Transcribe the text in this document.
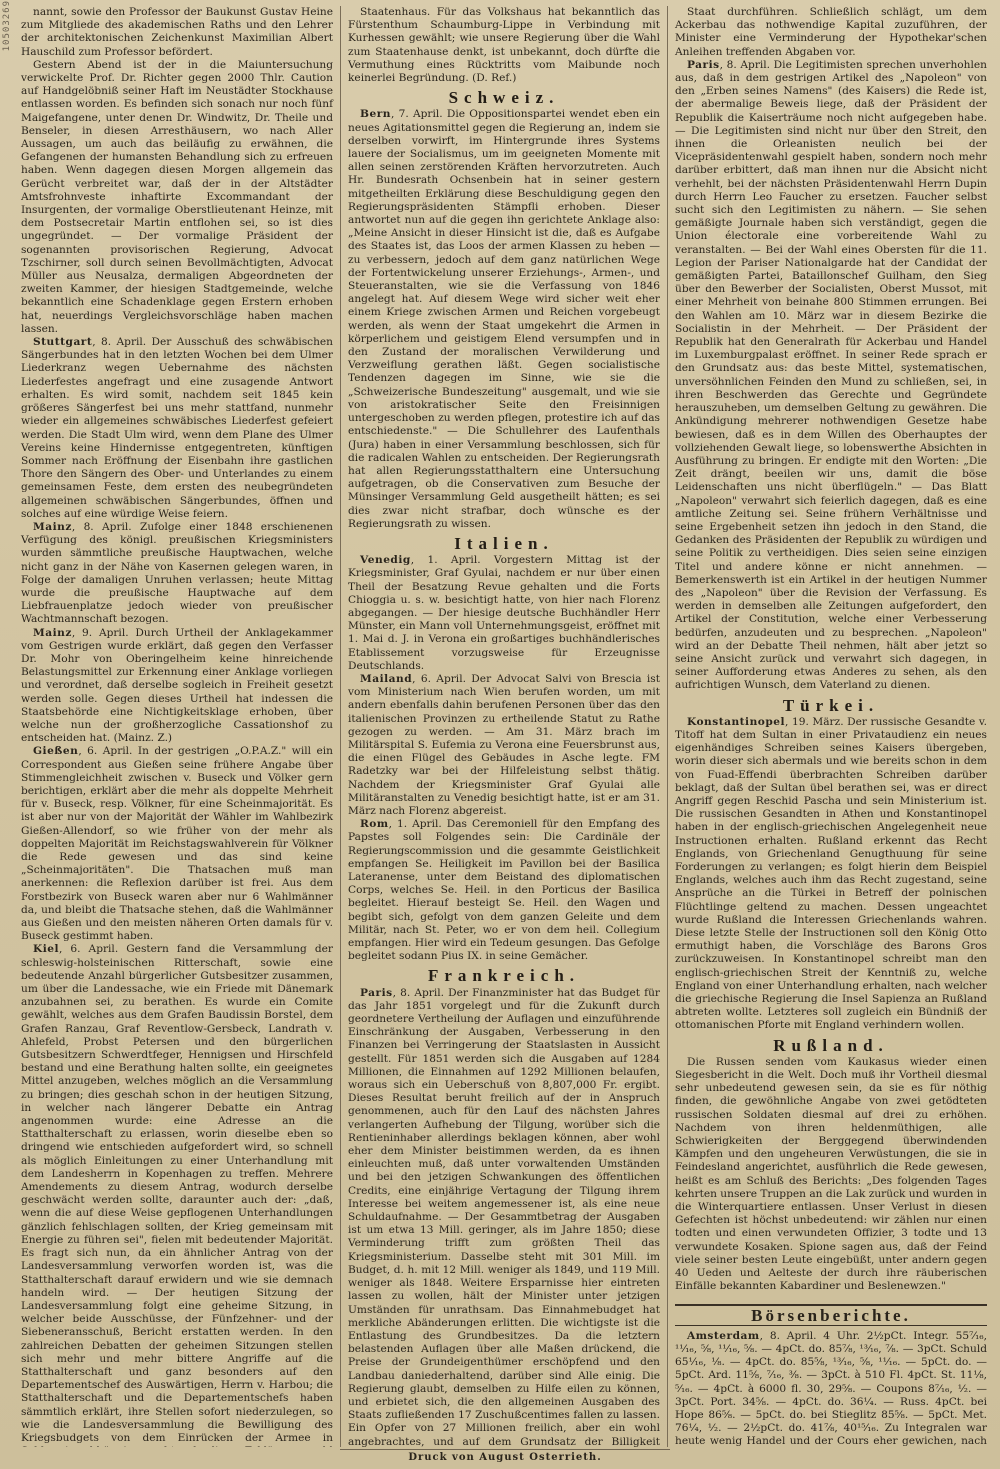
10503269	nannt, sowie den Professor der Baukunst Gustav Heine zum Mitgliede des akademischen Raths und den Lehrer der architektonischen Zeichenkunst Maximilian Albert Hauschild zum Professor befördert.

Gestern Abend ist der in die Maiuntersuchung verwickelte Prof. Dr. Richter gegen 2000 Thlr. Caution auf Handgelöbniß seiner Haft im Neustädter Stockhause entlassen worden. Es befinden sich sonach nur noch fünf Maigefangene, unter denen Dr. Windwitz, Dr. Theile und Benseler, in diesen Arresthäusern, wo nach Aller Aussagen, um auch das beiläufig zu erwähnen, die Gefangenen der humansten Behandlung sich zu erfreuen haben. Wenn dagegen diesen Morgen allgemein das Gerücht verbreitet war, daß der in der Altstädter Amtsfrohnveste inhaftirte Excommandant der Insurgenten, der vormalige Oberstlieutenant Heinze, mit dem Postsecretair Martin entflohen sei, so ist dies ungegründet. — Der vormalige Präsident der sogenannten provisorischen Regierung, Advocat Tzschirner, soll durch seinen Bevollmächtigten, Advocat Müller aus Neusalza, dermaligen Abgeordneten der zweiten Kammer, der hiesigen Stadtgemeinde, welche bekanntlich eine Schadenklage gegen Erstern erhoben hat, neuerdings Vergleichsvorschläge haben machen lassen.

Stuttgart, 8. April. Der Ausschuß des schwäbischen Sängerbundes hat in den letzten Wochen bei dem Ulmer Liederkranz wegen Uebernahme des nächsten Liederfestes angefragt und eine zusagende Antwort erhalten. Es wird somit, nachdem seit 1845 kein größeres Sängerfest bei uns mehr stattfand, nunmehr wieder ein allgemeines schwäbisches Liederfest gefeiert werden. Die Stadt Ulm wird, wenn dem Plane des Ulmer Vereins keine Hindernisse entgegentreten, künftigen Sommer nach Eröffnung der Eisenbahn ihre gastlichen Thore den Sängern des Ober- und Unterlandes zu einem gemeinsamen Feste, dem ersten des neubegründeten allgemeinen schwäbischen Sängerbundes, öffnen und solches auf eine würdige Weise feiern.

Mainz, 8. April. Zufolge einer 1848 erschienenen Verfügung des königl. preußischen Kriegsministers wurden sämmtliche preußische Hauptwachen, welche nicht ganz in der Nähe von Kasernen gelegen waren, in Folge der damaligen Unruhen verlassen; heute Mittag wurde die preußische Hauptwache auf dem Liebfrauenplatze jedoch wieder von preußischer Wachtmannschaft bezogen.

Mainz, 9. April. Durch Urtheil der Anklagekammer vom Gestrigen wurde erklärt, daß gegen den Verfasser Dr. Mohr von Oberingelheim keine hinreichende Belastungsmittel zur Erkennung einer Anklage vorliegen und verordnet, daß derselbe sogleich in Freiheit gesetzt werden solle. Gegen dieses Urtheil hat indessen die Staatsbehörde eine Nichtigkeitsklage erhoben, über welche nun der großherzogliche Cassationshof zu entscheiden hat. (Mainz. Z.)

Gießen, 6. April. In der gestrigen „O.P.A.Z." will ein Correspondent aus Gießen seine frühere Angabe über Stimmengleichheit zwischen v. Buseck und Völker gern berichtigen, erklärt aber die mehr als doppelte Mehrheit für v. Buseck, resp. Völkner, für eine Scheinmajorität. Es ist aber nur von der Majorität der Wähler im Wahlbezirk Gießen-Allendorf, so wie früher von der mehr als doppelten Majorität im Reichstagswahlverein für Völkner die Rede gewesen und das sind keine „Scheinmajoritäten". Die Thatsachen muß man anerkennen: die Reflexion darüber ist frei. Aus dem Forstbezirk von Buseck waren aber nur 6 Wahlmänner da, und bleibt die Thatsache stehen, daß die Wahlmänner aus Gießen und den meisten näheren Orten damals für v. Buseck gestimmt haben.

Kiel, 6. April. Gestern fand die Versammlung der schleswig-holsteinischen Ritterschaft, sowie eine bedeutende Anzahl bürgerlicher Gutsbesitzer zusammen, um über die Landessache, wie ein Friede mit Dänemark anzubahnen sei, zu berathen. Es wurde ein Comite gewählt, welches aus dem Grafen Baudissin Borstel, dem Grafen Ranzau, Graf Reventlow-Gersbeck, Landrath v. Ahlefeld, Probst Petersen und den bürgerlichen Gutsbesitzern Schwerdtfeger, Hennigsen und Hirschfeld bestand und eine Berathung halten sollte, ein geeignetes Mittel anzugeben, welches möglich an die Versammlung zu bringen; dies geschah schon in der heutigen Sitzung, in welcher nach längerer Debatte ein Antrag angenommen wurde: eine Adresse an die Statthalterschaft zu erlassen, worin dieselbe eben so dringend wie entschieden aufgefordert wird, so schnell als möglich Einleitungen zu einer Unterhandlung mit dem Landesherrn in Kopenhagen zu treffen. Mehrere Amendements zu diesem Antrag, wodurch derselbe geschwächt werden sollte, daraunter auch der: „daß, wenn die auf diese Weise gepflogenen Unterhandlungen gänzlich fehlschlagen sollten, der Krieg gemeinsam mit Energie zu führen sei", fielen mit bedeutender Majorität. Es fragt sich nun, da ein ähnlicher Antrag von der Landesversammlung verworfen worden ist, was die Statthalterschaft darauf erwidern und wie sie demnach handeln wird. — Der heutigen Sitzung der Landesversammlung folgt eine geheime Sitzung, in welcher beide Ausschüsse, der Fünfzehner- und der Siebeneransschuß, Bericht erstatten werden. In den zahlreichen Debatten der geheimen Sitzungen stellen sich mehr und mehr bittere Angriffe auf die Statthalterschaft und ganz besonders auf den Departementschef des Auswärtigen, Herrn v. Harbou; die Statthalterschaft und die Departementschefs haben sämmtlich erklärt, ihre Stellen sofort niederzulegen, so wie die Landesversammlung die Bewilligung des Kriegsbudgets von dem Einrücken der Armee in

Staatenhaus. Für das Volkshaus hat bekanntlich das Fürstenthum Schaumburg-Lippe in Verbindung mit Kurhessen gewählt; wie unsere Regierung über die Wahl zum Staatenhause denkt, ist unbekannt, doch dürfte die Vermuthung eines Rücktritts vom Maibunde noch keinerlei Begründung. (D. Ref.)

Schweiz.

Bern, 7. April. Die Oppositionspartei wendet eben ein neues Agitationsmittel gegen die Regierung an, indem sie derselben vorwirft, im Hintergrunde ihres Systems lauere der Socialismus, um im geeigneten Momente mit allen seinen zerstörenden Kräften hervorzutreten. Auch Hr. Bundesrath Ochsenbein hat in seiner gestern mitgetheilten Erklärung diese Beschuldigung gegen den Regierungspräsidenten Stämpfli erhoben. Dieser antwortet nun auf die gegen ihn gerichtete Anklage also: „Meine Ansicht in dieser Hinsicht ist die, daß es Aufgabe des Staates ist, das Loos der armen Klassen zu heben — zu verbessern, jedoch auf dem ganz natürlichen Wege der Fortentwickelung unserer Erziehungs-, Armen-, und Steueranstalten, wie sie die Verfassung von 1846 angelegt hat. Auf diesem Wege wird sicher weit eher einem Kriege zwischen Armen und Reichen vorgebeugt werden, als wenn der Staat umgekehrt die Armen in körperlichem und geistigem Elend versumpfen und in den Zustand der moralischen Verwilderung und Verzweiflung gerathen läßt. Gegen socialistische Tendenzen dagegen im Sinne, wie sie die „Schweizerische Bundeszeitung" ausgemalt, und wie sie von aristokratischer Seite den Freisinnigen untergeschoben zu werden pflegen, protestire ich auf das entschiedenste." — Die Schullehrer des Laufenthals (Jura) haben in einer Versammlung beschlossen, sich für die radicalen Wahlen zu entscheiden. Der Regierungsrath hat allen Regierungsstatthaltern eine Untersuchung aufgetragen, ob die Conservativen zum Besuche der Münsinger Versammlung Geld ausgetheilt hätten; es sei dies zwar nicht strafbar, doch wünsche es der Regierungsrath zu wissen.

Italien.

Venedig, 1. April. Vorgestern Mittag ist der Kriegsminister, Graf Gyulai, nachdem er nur über einen Theil der Besatzung Revue gehalten und die Forts Chioggia u. s. w. besichtigt hatte, von hier nach Florenz abgegangen. — Der hiesige deutsche Buchhändler Herr Münster, ein Mann voll Unternehmungsgeist, eröffnet mit 1. Mai d. J. in Verona ein großartiges buchhändlerisches Etablissement vorzugsweise für Erzeugnisse Deutschlands.

Mailand, 6. April. Der Advocat Salvi von Brescia ist vom Ministerium nach Wien berufen worden, um mit andern ebenfalls dahin berufenen Personen über das den italienischen Provinzen zu ertheilende Statut zu Rathe gezogen zu werden. — Am 31. März brach im Militärspital S. Eufemia zu Verona eine Feuersbrunst aus, die einen Flügel des Gebäudes in Asche legte. FM Radetzky war bei der Hilfeleistung selbst thätig. Nachdem der Kriegsminister Graf Gyulai alle Militäranstalten zu Venedig besichtigt hatte, ist er am 31. März nach Florenz abgereist.

Rom, 1. April. Das Ceremoniell für den Empfang des Papstes soll Folgendes sein: Die Cardinäle der Regierungscommission und die gesammte Geistlichkeit empfangen Se. Heiligkeit im Pavillon bei der Basilica Lateranense, unter dem Beistand des diplomatischen Corps, welches Se. Heil. in den Porticus der Basilica begleitet. Hierauf besteigt Se. Heil. den Wagen und begibt sich, gefolgt von dem ganzen Geleite und dem Militär, nach St. Peter, wo er von dem heil. Collegium empfangen. Hier wird ein Tedeum gesungen. Das Gefolge begleitet sodann Pius IX. in seine Gemächer.

Frankreich.

Paris, 8. April. Der Finanzminister hat das Budget für das Jahr 1851 vorgelegt und für die Zukunft durch geordnetere Vertheilung der Auflagen und einzuführende Einschränkung der Ausgaben, Verbesserung in den Finanzen bei Verringerung der Staatslasten in Aussicht gestellt. Für 1851 werden sich die Ausgaben auf 1284 Millionen, die Einnahmen auf 1292 Millionen belaufen, woraus sich ein Ueberschuß von 8,807,000 Fr. ergibt. Dieses Resultat beruht freilich auf der in Anspruch genommenen, auch für den Lauf des nächsten Jahres verlangerten Aufhebung der Tilgung, worüber sich die Rentieninhaber allerdings beklagen können, aber wohl eher dem Minister beistimmen werden, da es ihnen einleuchten muß, daß unter vorwaltenden Umständen und bei den jetzigen Schwankungen des öffentlichen Credits, eine einjährige Vertagung der Tilgung ihrem Interesse bei weitem angemessener ist, als eine neue Schuldaufnahme. — Der Gesammtbetrag der Ausgaben ist um etwa 13 Mill. geringer, als im Jahre 1850; diese Verminderung trifft zum größten Theil das Kriegsministerium. Dasselbe steht mit 301 Mill. im Budget, d. h. mit 12 Mill. weniger als 1849, und 119 Mill. weniger als 1848. Weitere Ersparnisse hier eintreten lassen zu wollen, hält der Minister unter jetzigen Umständen für unrathsam. Das Einnahmebudget hat merkliche Abänderungen erlitten. Die wichtigste ist die Entlastung des Grundbesitzes. Da die letztern belastenden Auflagen über alle Maßen drückend, die Preise der Grundeigenthümer erschöpfend und den Landbau daniederhaltend, darüber sind Alle einig. Die Regierung glaubt, demselben zu Hilfe eilen zu können, und erbietet sich, die den allgemeinen Ausgaben des Staats zufließenden 17 Zuschußcentimes fallen zu lassen. Ein Opfer von 27 Millionen freilich, aber ein wohl angebrachtes, und auf dem Grundsatz der Billigkeit

Staat durchführen. Schließlich schlägt, um dem Ackerbau das nothwendige Kapital zuzuführen, der Minister eine Verminderung der Hypothekar'schen Anleihen treffenden Abgaben vor.

Paris, 8. April. Die Legitimisten sprechen unverhohlen aus, daß in dem gestrigen Artikel des „Napoleon" von den „Erben seines Namens" (des Kaisers) die Rede ist, der abermalige Beweis liege, daß der Präsident der Republik die Kaiserträume noch nicht aufgegeben habe. — Die Legitimisten sind nicht nur über den Streit, den ihnen die Orleanisten neulich bei der Vicepräsidentenwahl gespielt haben, sondern noch mehr darüber erbittert, daß man ihnen nur die Absicht nicht verhehlt, bei der nächsten Präsidentenwahl Herrn Dupin durch Herrn Leo Faucher zu ersetzen. Faucher selbst sucht sich den Legitimisten zu nähern. — Sie sehen gemäßigte Journale haben sich verständigt, gegen die Union électorale eine vorbereitende Wahl zu veranstalten. — Bei der Wahl eines Obersten für die 11. Legion der Pariser Nationalgarde hat der Candidat der gemäßigten Partei, Bataillonschef Guilham, den Sieg über den Bewerber der Socialisten, Oberst Mussot, mit einer Mehrheit von beinahe 800 Stimmen errungen. Bei den Wahlen am 10. März war in diesem Bezirke die Socialistin in der Mehrheit. — Der Präsident der Republik hat den Generalrath für Ackerbau und Handel im Luxemburgpalast eröffnet. In seiner Rede sprach er den Grundsatz aus: das beste Mittel, systematischen, unversöhnlichen Feinden den Mund zu schließen, sei, in ihren Beschwerden das Gerechte und Gegründete herauszuheben, um demselben Geltung zu gewähren. Die Ankündigung mehrerer nothwendigen Gesetze habe bewiesen, daß es in dem Willen des Oberhauptes der vollziehenden Gewalt liege, so lobenswerthe Absichten in Ausführung zu bringen. Er endigte mit den Worten: „Die Zeit drängt, beeilen wir uns, damit die böse Leidenschaften uns nicht überflügeln." — Das Blatt „Napoleon" verwahrt sich feierlich dagegen, daß es eine amtliche Zeitung sei. Seine frühern Verhältnisse und seine Ergebenheit setzen ihn jedoch in den Stand, die Gedanken des Präsidenten der Republik zu würdigen und seine Politik zu vertheidigen. Dies seien seine einzigen Titel und andere könne er nicht annehmen. — Bemerkenswerth ist ein Artikel in der heutigen Nummer des „Napoleon" über die Revision der Verfassung. Es werden in demselben alle Zeitungen aufgefordert, den Artikel der Constitution, welche einer Verbesserung bedürfen, anzudeuten und zu besprechen. „Napoleon" wird an der Debatte Theil nehmen, hält aber jetzt so seine Ansicht zurück und verwahrt sich dagegen, in seiner Aufforderung etwas Anderes zu sehen, als den aufrichtigen Wunsch, dem Vaterland zu dienen.

Türkei.

Konstantinopel, 19. März. Der russische Gesandte v. Titoff hat dem Sultan in einer Privataudienz ein neues eigenhändiges Schreiben seines Kaisers übergeben, worin dieser sich abermals und wie bereits schon in dem von Fuad-Effendi überbrachten Schreiben darüber beklagt, daß der Sultan übel berathen sei, was er direct Angriff gegen Reschid Pascha und sein Ministerium ist. Die russischen Gesandten in Athen und Konstantinopel haben in der englisch-griechischen Angelegenheit neue Instructionen erhalten. Rußland erkennt das Recht Englands, von Griechenland Genugthuung für seine Forderungen zu verlangen; es folgt hierin dem Beispiel Englands, welches auch ihm das Recht zugestand, seine Ansprüche an die Türkei in Betreff der polnischen Flüchtlinge geltend zu machen. Dessen ungeachtet wurde Rußland die Interessen Griechenlands wahren. Diese letzte Stelle der Instructionen soll den König Otto ermuthigt haben, die Vorschläge des Barons Gros zurückzuweisen. In Konstantinopel schreibt man den englisch-griechischen Streit der Kenntniß zu, welche England von einer Unterhandlung erhalten, nach welcher die griechische Regierung die Insel Sapienza an Rußland abtreten wollte. Letzteres soll zugleich ein Bündniß der ottomanischen Pforte mit England verhindern wollen.

Rußland.

Die Russen senden vom Kaukasus wieder einen Siegesbericht in die Welt. Doch muß ihr Vortheil diesmal sehr unbedeutend gewesen sein, da sie es für nöthig finden, die gewöhnliche Angabe von zwei getödteten russischen Soldaten diesmal auf drei zu erhöhen. Nachdem von ihren heldenmüthigen, alle Schwierigkeiten der Berggegend überwindenden Kämpfen und den ungeheuren Verwüstungen, die sie in Feindesland angerichtet, ausführlich die Rede gewesen, heißt es am Schluß des Berichts: „Des folgenden Tages kehrten unsere Truppen an die Lak zurück und wurden in die Winterquartiere entlassen. Unser Verlust in diesen Gefechten ist höchst unbedeutend: wir zählen nur einen todten und einen verwundeten Offizier, 3 todte und 13 verwundete Kosaken. Spione sagen aus, daß der Feind viele seiner besten Leute eingebüßt, unter andern gegen 40 Ueden und Aelteste der durch ihre räuberischen Einfälle bekannten Kabardiner und Beslenewzen."

Börsenberichte.

Amsterdam, 8. April. 4 Uhr. 2½pCt. Integr. 55⁷⁄₁₆, ¹¹⁄₁₆, ⁵⁄₈, ¹¹⁄₁₆, ⁵⁄₈. — 4pCt. do. 85⁷⁄₈, ¹³⁄₁₆, ⁷⁄₈. — 3pCt. Schuld 65¹⁄₁₆, ¹⁄₈. — 4pCt. do. 85⁵⁄₈, ¹³⁄₁₆, ⁵⁄₈, ¹¹⁄₁₆. — 5pCt. do. — 5pCt. Ard. 11⁵⁄₈, ⁷⁄₁₆, ³⁄₈. — 3pCt. à 510 Fl. 4pCt. St. 11¹⁄₈, ⁵⁄₁₆. — 4pCt. à 6000 fl. 30, 29⁵⁄₈. — Coupons 8⁷⁄₁₆, ¹⁄₂. — 3pCt. Port. 34⁵⁄₈. — 4pCt. do. 36¹⁄₄. — Russ. 4pCt. bei Hope 86⁵⁄₈. — 5pCt. do. bei Stieglitz 85⁵⁄₈. — 5pCt. Met. 76¹⁄₄, ¹⁄₂. — 2½pCt. do. 41⁷⁄₈, 40¹⁵⁄₁₆. Zu Integralen war heute wenig Handel und der Cours eher gewichen, nach

Druck von August Osterrieth.
